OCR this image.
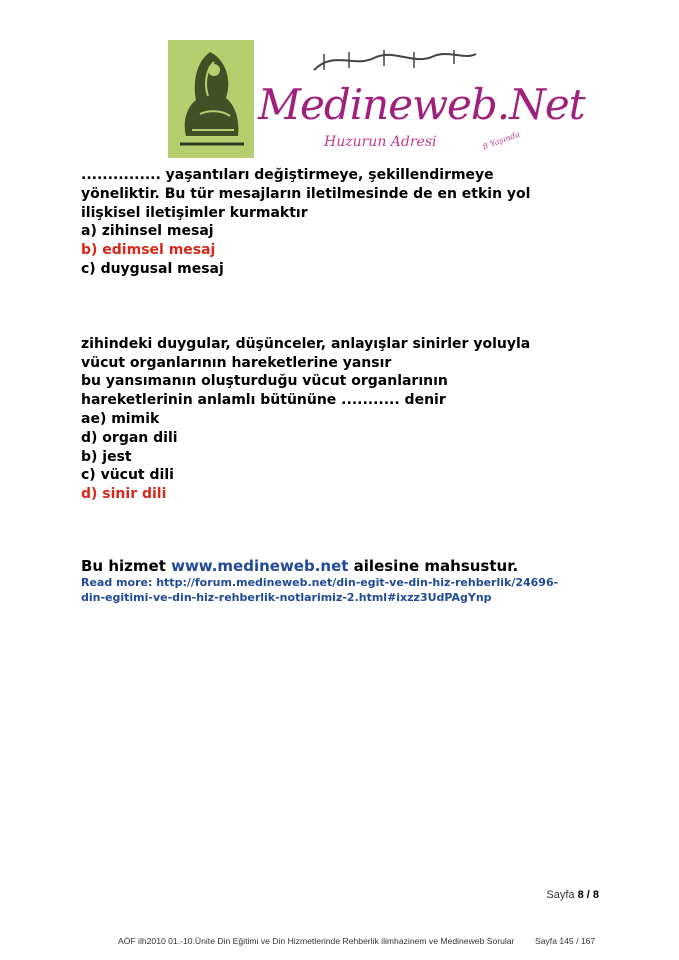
Medineweb.Net
Huzurun Adresi	8 Yaşında
............... yaşantıları değiştirmeye, şekillendirmeye
yöneliktir. Bu tür mesajların iletilmesinde de en etkin yol
ilişkisel iletişimler kurmaktır
a) zihinsel mesaj
b) edimsel mesaj
c) duygusal mesaj
zihindeki duygular, düşünceler, anlayışlar sinirler yoluyla
vücut organlarının hareketlerine yansır
bu yansımanın oluşturduğu vücut organlarının
hareketlerinin anlamlı bütününe ........... denir
ae) mimik
d) organ dili
b) jest
c) vücut dili
d) sinir dili
Bu hizmet www.medineweb.net ailesine mahsustur.
Read more: http://forum.medineweb.net/din-egit-ve-din-hiz-rehberlik/24696-
din-egitimi-ve-din-hiz-rehberlik-notlarimiz-2.html#ixzz3UdPAgYnp
Sayfa 8 / 8
AÖF ilh2010 01.-10.Ünite Din Eğitimi ve Din Hizmetlerinde Rehberlik ilimhazinem ve Medineweb Sorular Sayfa 145 / 167
